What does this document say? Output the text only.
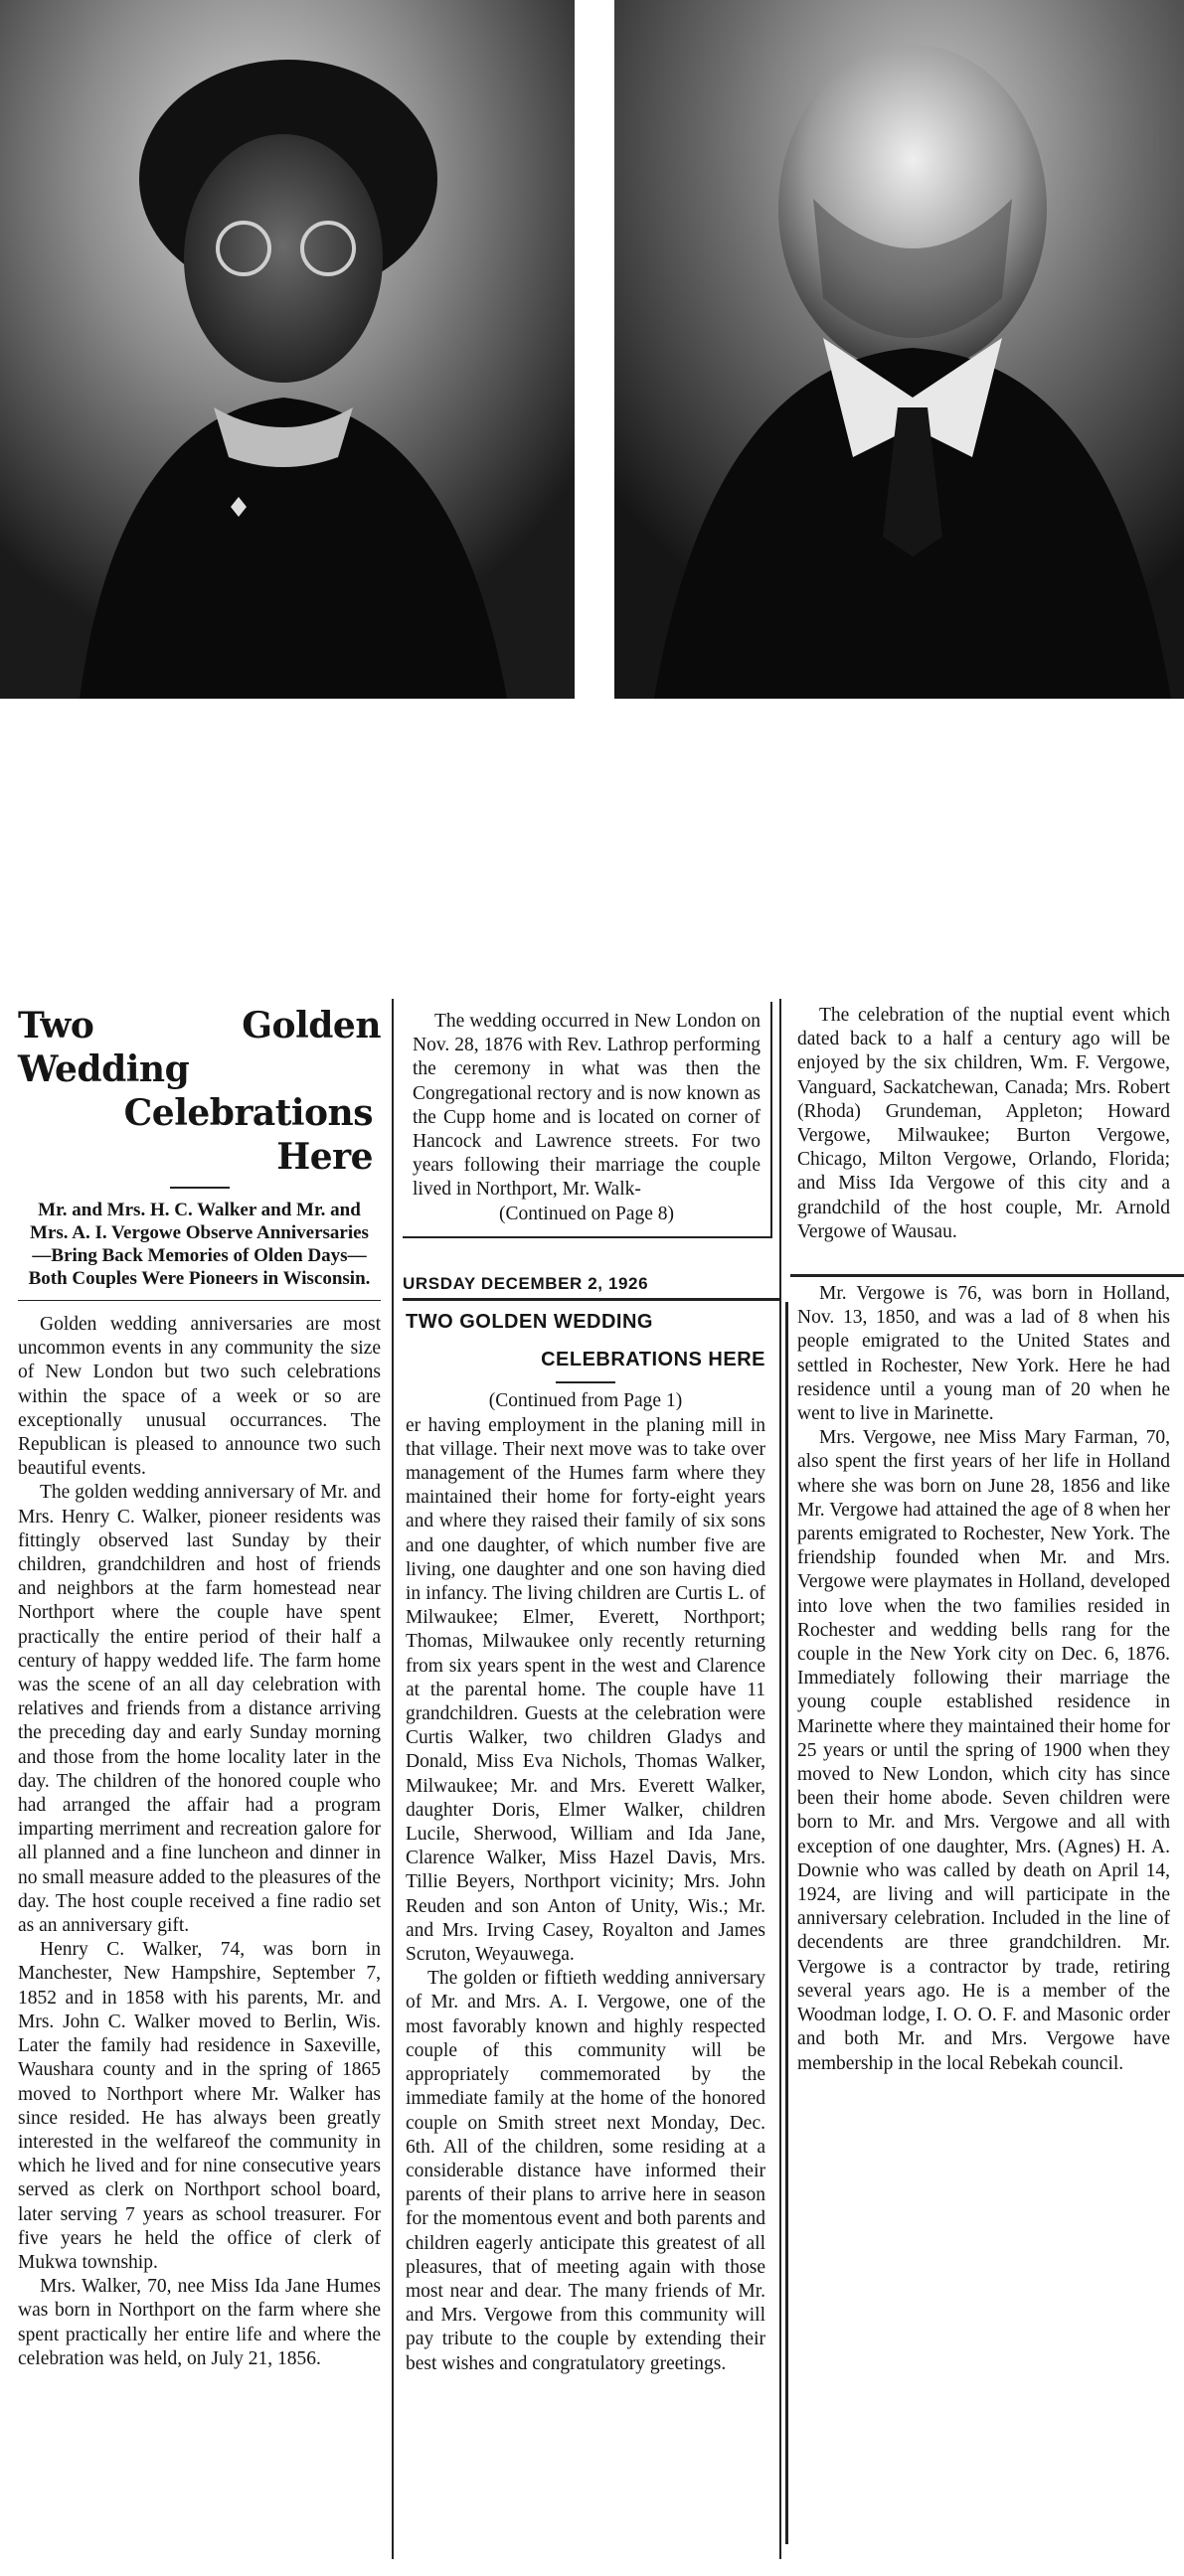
Two Golden Wedding
Celebrations Here
Mr. and Mrs. H. C. Walker and Mr. and Mrs. A. I. Vergowe Observe Anniversaries—Bring Back Memories of Olden Days—Both Couples Were Pioneers in Wisconsin.

Golden wedding anniversaries are most uncommon events in any community the size of New London but two such celebrations within the space of a week or so are exceptionally unusual occurrances. The Republican is pleased to announce two such beautiful events.

The golden wedding anniversary of Mr. and Mrs. Henry C. Walker, pioneer residents was fittingly observed last Sunday by their children, grandchildren and host of friends and neighbors at the farm homestead near Northport where the couple have spent practically the entire period of their half a century of happy wedded life. The farm home was the scene of an all day celebration with relatives and friends from a distance arriving the preceding day and early Sunday morning and those from the home locality later in the day. The children of the honored couple who had arranged the affair had a program imparting merriment and recreation galore for all planned and a fine luncheon and dinner in no small measure added to the pleasures of the day. The host couple received a fine radio set as an anniversary gift.

Henry C. Walker, 74, was born in Manchester, New Hampshire, September 7, 1852 and in 1858 with his parents, Mr. and Mrs. John C. Walker moved to Berlin, Wis. Later the family had residence in Saxeville, Waushara county and in the spring of 1865 moved to Northport where Mr. Walker has since resided. He has always been greatly interested in the welfareof the community in which he lived and for nine consecutive years served as clerk on Northport school board, later serving 7 years as school treasurer. For five years he held the office of clerk of Mukwa township.

Mrs. Walker, 70, nee Miss Ida Jane Humes was born in Northport on the farm where she spent practically her entire life and where the celebration was held, on July 21, 1856.

The wedding occurred in New London on Nov. 28, 1876 with Rev. Lathrop performing the ceremony in what was then the Congregational rectory and is now known as the Cupp home and is located on corner of Hancock and Lawrence streets. For two years following their marriage the couple lived in Northport, Mr. Walk-

(Continued on Page 8)
URSDAY DECEMBER 2, 1926
TWO GOLDEN WEDDING
CELEBRATIONS HERE
(Continued from Page 1)

er having employment in the planing mill in that village. Their next move was to take over management of the Humes farm where they maintained their home for forty-eight years and where they raised their family of six sons and one daughter, of which number five are living, one daughter and one son having died in infancy. The living children are Curtis L. of Milwaukee; Elmer, Everett, Northport; Thomas, Milwaukee only recently returning from six years spent in the west and Clarence at the parental home. The couple have 11 grandchildren. Guests at the celebration were Curtis Walker, two children Gladys and Donald, Miss Eva Nichols, Thomas Walker, Milwaukee; Mr. and Mrs. Everett Walker, daughter Doris, Elmer Walker, children Lucile, Sherwood, William and Ida Jane, Clarence Walker, Miss Hazel Davis, Mrs. Tillie Beyers, Northport vicinity; Mrs. John Reuden and son Anton of Unity, Wis.; Mr. and Mrs. Irving Casey, Royalton and James Scruton, Weyauwega.

The golden or fiftieth wedding anniversary of Mr. and Mrs. A. I. Vergowe, one of the most favorably known and highly respected couple of this community will be appropriately commemorated by the immediate family at the home of the honored couple on Smith street next Monday, Dec. 6th. All of the children, some residing at a considerable distance have informed their parents of their plans to arrive here in season for the momentous event and both parents and children eagerly anticipate this greatest of all pleasures, that of meeting again with those most near and dear. The many friends of Mr. and Mrs. Vergowe from this community will pay tribute to the couple by extending their best wishes and congratulatory greetings.

The celebration of the nuptial event which dated back to a half a century ago will be enjoyed by the six children, Wm. F. Vergowe, Vanguard, Sackatchewan, Canada; Mrs. Robert (Rhoda) Grundeman, Appleton; Howard Vergowe, Milwaukee; Burton Vergowe, Chicago, Milton Vergowe, Orlando, Florida; and Miss Ida Vergowe of this city and a grandchild of the host couple, Mr. Arnold Vergowe of Wausau.

Mr. Vergowe is 76, was born in Holland, Nov. 13, 1850, and was a lad of 8 when his people emigrated to the United States and settled in Rochester, New York. Here he had residence until a young man of 20 when he went to live in Marinette.

Mrs. Vergowe, nee Miss Mary Farman, 70, also spent the first years of her life in Holland where she was born on June 28, 1856 and like Mr. Vergowe had attained the age of 8 when her parents emigrated to Rochester, New York. The friendship founded when Mr. and Mrs. Vergowe were playmates in Holland, developed into love when the two families resided in Rochester and wedding bells rang for the couple in the New York city on Dec. 6, 1876. Immediately following their marriage the young couple established residence in Marinette where they maintained their home for 25 years or until the spring of 1900 when they moved to New London, which city has since been their home abode. Seven children were born to Mr. and Mrs. Vergowe and all with exception of one daughter, Mrs. (Agnes) H. A. Downie who was called by death on April 14, 1924, are living and will participate in the anniversary celebration. Included in the line of decendents are three grandchildren. Mr. Vergowe is a contractor by trade, retiring several years ago. He is a member of the Woodman lodge, I. O. O. F. and Masonic order and both Mr. and Mrs. Vergowe have membership in the local Rebekah council.
